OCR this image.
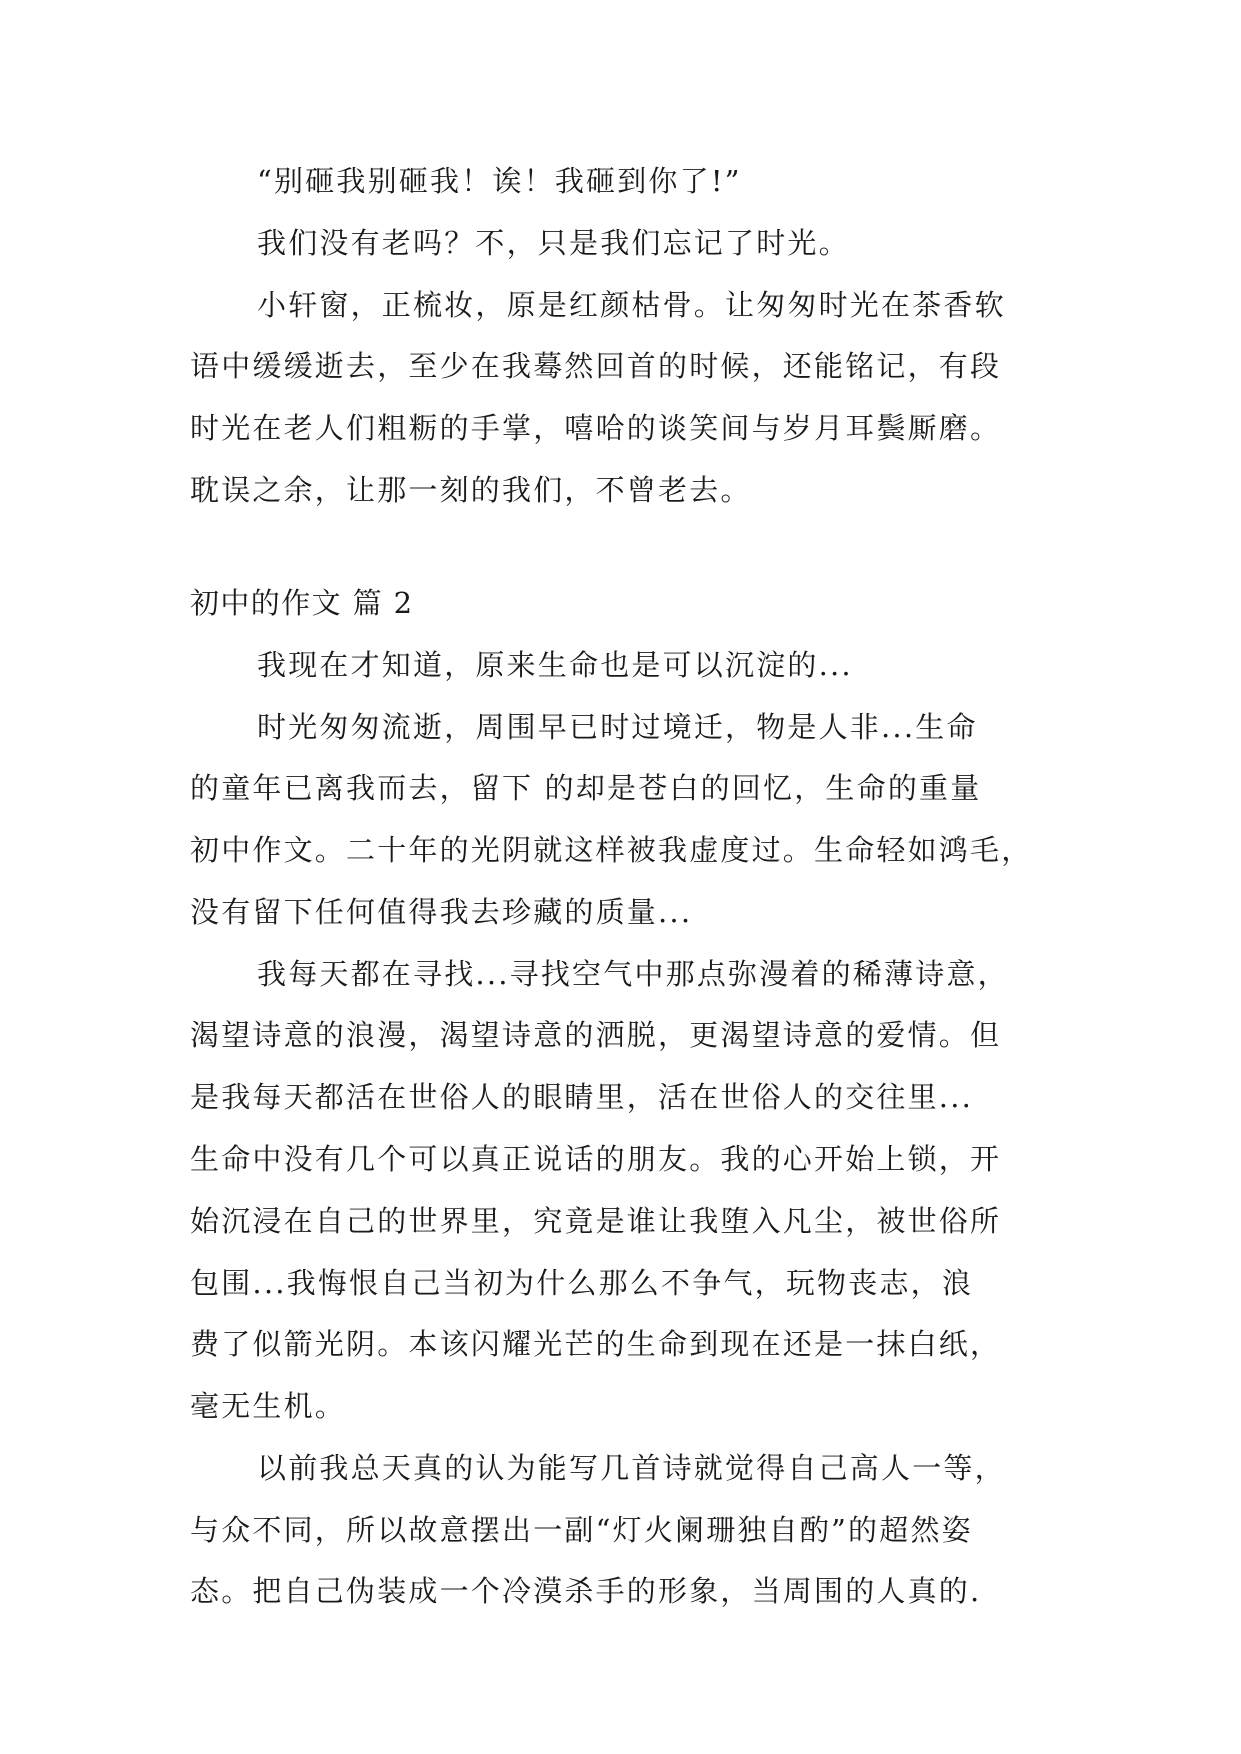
“别砸我别砸我！诶！我砸到你了!”
我们没有老吗？不，只是我们忘记了时光。
小轩窗，正梳妆，原是红颜枯骨。让匆匆时光在茶香软
语中缓缓逝去，至少在我蓦然回首的时候，还能铭记，有段
时光在老人们粗粝的手掌，嘻哈的谈笑间与岁月耳鬓厮磨。
耽误之余，让那一刻的我们，不曾老去。
初中的作文 篇 2
我现在才知道，原来生命也是可以沉淀的...
时光匆匆流逝，周围早已时过境迁，物是人非...生命
的童年已离我而去，留下 的却是苍白的回忆，生命的重量
初中作文。二十年的光阴就这样被我虚度过。生命轻如鸿毛，
没有留下任何值得我去珍藏的质量...
我每天都在寻找...寻找空气中那点弥漫着的稀薄诗意，
渴望诗意的浪漫，渴望诗意的洒脱，更渴望诗意的爱情。但
是我每天都活在世俗人的眼睛里，活在世俗人的交往里...
生命中没有几个可以真正说话的朋友。我的心开始上锁，开
始沉浸在自己的世界里，究竟是谁让我堕入凡尘，被世俗所
包围...我悔恨自己当初为什么那么不争气，玩物丧志，浪
费了似箭光阴。本该闪耀光芒的生命到现在还是一抹白纸，
毫无生机。
以前我总天真的认为能写几首诗就觉得自己高人一等，
与众不同，所以故意摆出一副“灯火阑珊独自酌”的超然姿
态。把自己伪装成一个冷漠杀手的形象，当周围的人真的.
